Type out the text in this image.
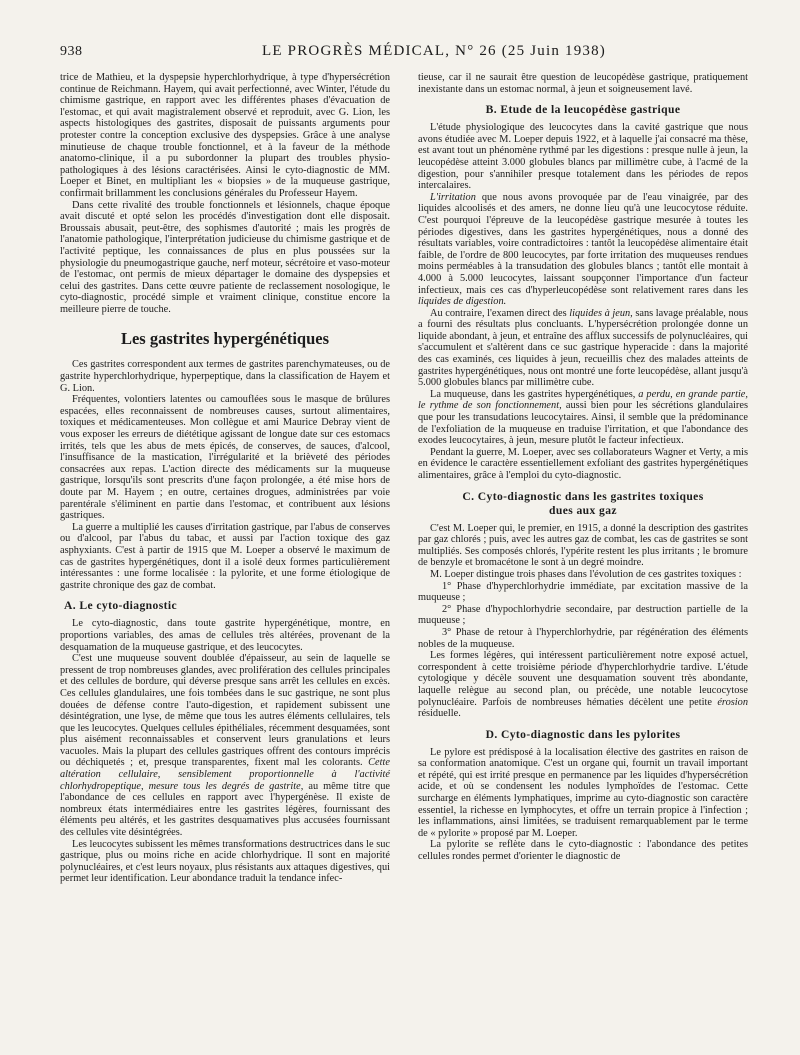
938	LE PROGRÈS MÉDICAL, N° 26 (25 Juin 1938)

trice de Mathieu, et la dyspepsie hyperchlorhydrique, à type d'hypersécrétion continue de Reichmann. Hayem, qui avait perfectionné, avec Winter, l'étude du chimisme gastrique, en rapport avec les différentes phases d'évacuation de l'estomac, et qui avait magistralement observé et reproduit, avec G. Lion, les aspects histologiques des gastrites, disposait de puissants arguments pour protester contre la conception exclusive des dyspepsies. Grâce à une analyse minutieuse de chaque trouble fonctionnel, et à la faveur de la méthode anatomo-clinique, il a pu subordonner la plupart des troubles physio-pathologiques à des lésions caractérisées. Ainsi le cyto-diagnostic de MM. Loeper et Binet, en multipliant les « biopsies » de la muqueuse gastrique, confirmait brillamment les conclusions générales du Professeur Hayem.

Dans cette rivalité des trouble fonctionnels et lésionnels, chaque époque avait discuté et opté selon les procédés d'investigation dont elle disposait. Broussais abusait, peut-être, des sophismes d'autorité ; mais les progrès de l'anatomie pathologique, l'interprétation judicieuse du chimisme gastrique et de l'activité peptique, les connaissances de plus en plus poussées sur la physiologie du pneumogastrique gauche, nerf moteur, sécrétoire et vaso-moteur de l'estomac, ont permis de mieux départager le domaine des dyspepsies et celui des gastrites. Dans cette œuvre patiente de reclassement nosologique, le cyto-diagnostic, procédé simple et vraiment clinique, constitue encore la meilleure pierre de touche.

Les gastrites hypergénétiques

Ces gastrites correspondent aux termes de gastrites parenchymateuses, ou de gastrite hyperchlorhydrique, hyperpeptique, dans la classification de Hayem et G. Lion.

Fréquentes, volontiers latentes ou camouflées sous le masque de brûlures espacées, elles reconnaissent de nombreuses causes, surtout alimentaires, toxiques et médicamenteuses. Mon collègue et ami Maurice Debray vient de vous exposer les erreurs de diététique agissant de longue date sur ces estomacs irrités, tels que les abus de mets épicés, de conserves, de sauces, d'alcool, l'insuffisance de la mastication, l'irrégularité et la brièveté des périodes consacrées aux repas. L'action directe des médicaments sur la muqueuse gastrique, lorsqu'ils sont prescrits d'une façon prolongée, a été mise hors de doute par M. Hayem ; en outre, certaines drogues, administrées par voie parentérale s'éliminent en partie dans l'estomac, et contribuent aux lésions gastriques.

La guerre a multiplié les causes d'irritation gastrique, par l'abus de conserves ou d'alcool, par l'abus du tabac, et aussi par l'action toxique des gaz asphyxiants. C'est à partir de 1915 que M. Loeper a observé le maximum de cas de gastrites hypergénétiques, dont il a isolé deux formes particulièrement intéressantes : une forme localisée : la pylorite, et une forme étiologique de gastrite chronique des gaz de combat.

A. Le cyto-diagnostic

Le cyto-diagnostic, dans toute gastrite hypergénétique, montre, en proportions variables, des amas de cellules très altérées, provenant de la desquamation de la muqueuse gastrique, et des leucocytes.

C'est une muqueuse souvent doublée d'épaisseur, au sein de laquelle se pressent de trop nombreuses glandes, avec prolifération des cellules principales et des cellules de bordure, qui déverse presque sans arrêt les cellules en excès. Ces cellules glandulaires, une fois tombées dans le suc gastrique, ne sont plus douées de défense contre l'auto-digestion, et rapidement subissent une désintégration, une lyse, de même que tous les autres éléments cellulaires, tels que les leucocytes. Quelques cellules épithéliales, récemment desquamées, sont plus aisément reconnaissables et conservent leurs granulations et leurs vacuoles. Mais la plupart des cellules gastriques offrent des contours imprécis ou déchiquetés ; et, presque transparentes, fixent mal les colorants. Cette altération cellulaire, sensiblement proportionnelle à l'activité chlorhydropeptique, mesure tous les degrés de gastrite, au même titre que l'abondance de ces cellules en rapport avec l'hypergénèse. Il existe de nombreux états intermédiaires entre les gastrites légères, fournissant des éléments peu altérés, et les gastrites desquamatives plus accusées fournissant des cellules vite désintégrées.

Les leucocytes subissent les mêmes transformations destructrices dans le suc gastrique, plus ou moins riche en acide chlorhydrique. Il sont en majorité polynucléaires, et c'est leurs noyaux, plus résistants aux attaques digestives, qui permet leur identification. Leur abondance traduit la tendance infec-

tieuse, car il ne saurait être question de leucopédèse gastrique, pratiquement inexistante dans un estomac normal, à jeun et soigneusement lavé.

B. Etude de la leucopédèse gastrique

L'étude physiologique des leucocytes dans la cavité gastrique que nous avons étudiée avec M. Loeper depuis 1922, et à laquelle j'ai consacré ma thèse, est avant tout un phénomène rythmé par les digestions : presque nulle à jeun, la leucopédèse atteint 3.000 globules blancs par millimètre cube, à l'acmé de la digestion, pour s'annihiler presque totalement dans les périodes de repos intercalaires.

L'irritation que nous avons provoquée par de l'eau vinaigrée, par des liquides alcoolisés et des amers, ne donne lieu qu'à une leucocytose réduite. C'est pourquoi l'épreuve de la leucopédèse gastrique mesurée à toutes les périodes digestives, dans les gastrites hypergénétiques, nous a donné des résultats variables, voire contradictoires : tantôt la leucopédèse alimentaire était faible, de l'ordre de 800 leucocytes, par forte irritation des muqueuses rendues moins perméables à la transudation des globules blancs ; tantôt elle montait à 4.000 à 5.000 leucocytes, laissant soupçonner l'importance d'un facteur infectieux, mais ces cas d'hyperleucopédèse sont relativement rares dans les liquides de digestion.

Au contraire, l'examen direct des liquides à jeun, sans lavage préalable, nous a fourni des résultats plus concluants. L'hypersécrétion prolongée donne un liquide abondant, à jeun, et entraîne des afflux successifs de polynucléaires, qui s'accumulent et s'altèrent dans ce suc gastrique hyperacide : dans la majorité des cas examinés, ces liquides à jeun, recueillis chez des malades atteints de gastrites hypergénétiques, nous ont montré une forte leucopédèse, allant jusqu'à 5.000 globules blancs par millimètre cube.

La muqueuse, dans les gastrites hypergénétiques, a perdu, en grande partie, le rythme de son fonctionnement, aussi bien pour les sécrétions glandulaires que pour les transudations leucocytaires. Ainsi, il semble que la prédominance de l'exfoliation de la muqueuse en traduise l'irritation, et que l'abondance des exodes leucocytaires, à jeun, mesure plutôt le facteur infectieux.

Pendant la guerre, M. Loeper, avec ses collaborateurs Wagner et Verty, a mis en évidence le caractère essentiellement exfoliant des gastrites hypergénétiques alimentaires, grâce à l'emploi du cyto-diagnostic.

C. Cyto-diagnostic dans les gastrites toxiques
dues aux gaz

C'est M. Loeper qui, le premier, en 1915, a donné la description des gastrites par gaz chlorés ; puis, avec les autres gaz de combat, les cas de gastrites se sont multipliés. Ses composés chlorés, l'ypérite restent les plus irritants ; le bromure de benzyle et bromacétone le sont à un degré moindre.

M. Loeper distingue trois phases dans l'évolution de ces gastrites toxiques :

1° Phase d'hyperchlorhydrie immédiate, par excitation massive de la muqueuse ;

2° Phase d'hypochlorhydrie secondaire, par destruction partielle de la muqueuse ;

3° Phase de retour à l'hyperchlorhydrie, par régénération des éléments nobles de la muqueuse.

Les formes légères, qui intéressent particulièrement notre exposé actuel, correspondent à cette troisième période d'hyperchlorhydrie tardive. L'étude cytologique y décèle souvent une desquamation souvent très abondante, laquelle relègue au second plan, ou précède, une notable leucocytose polynucléaire. Parfois de nombreuses hématies décèlent une petite érosion résiduelle.

D. Cyto-diagnostic dans les pylorites

Le pylore est prédisposé à la localisation élective des gastrites en raison de sa conformation anatomique. C'est un organe qui, fournit un travail important et répété, qui est irrité presque en permanence par les liquides d'hypersécrétion acide, et où se condensent les nodules lymphoïdes de l'estomac. Cette surcharge en éléments lymphatiques, imprime au cyto-diagnostic son caractère essentiel, la richesse en lymphocytes, et offre un terrain propice à l'infection ; les inflammations, ainsi limitées, se traduisent remarquablement par le terme de « pylorite » proposé par M. Loeper.

La pylorite se reflète dans le cyto-diagnostic : l'abondance des petites cellules rondes permet d'orienter le diagnostic de
